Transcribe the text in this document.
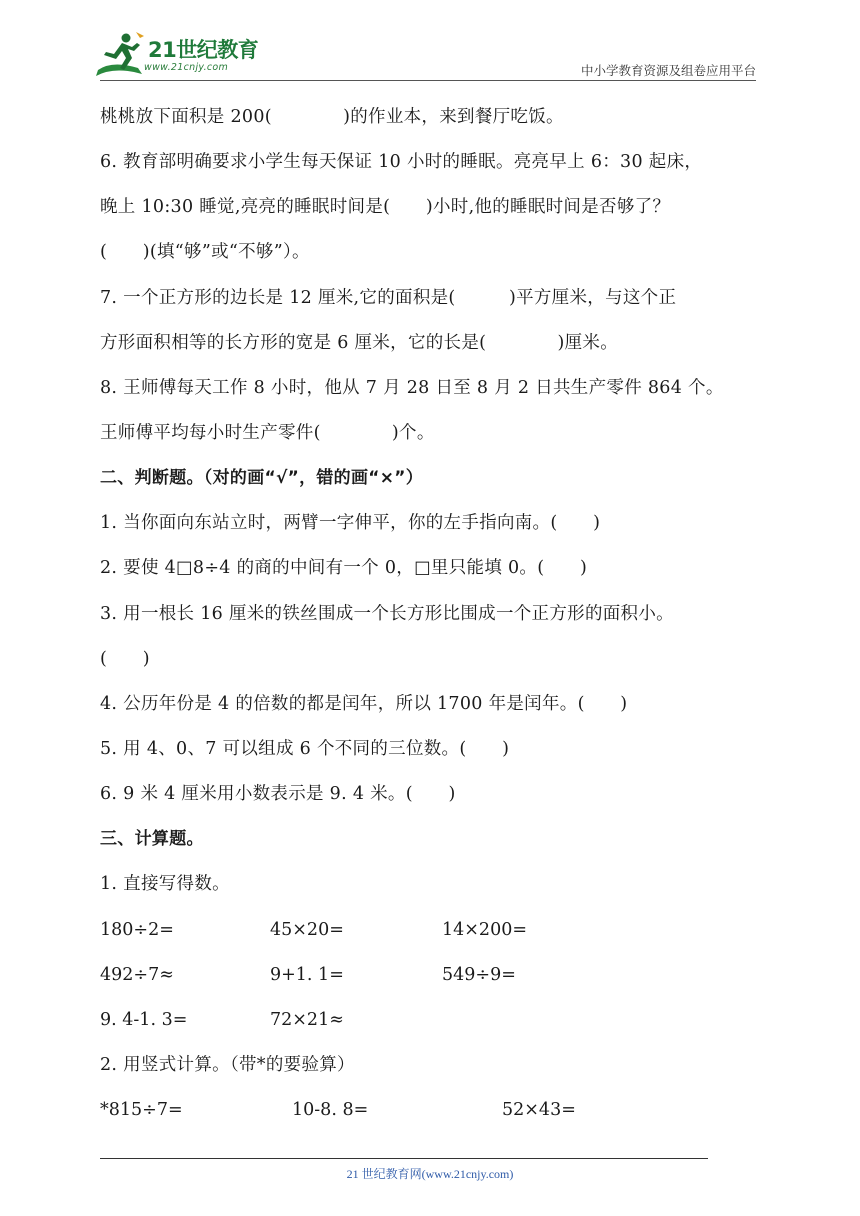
21世纪教育
www.21cnjy.com	中小学教育资源及组卷应用平台
桃桃放下面积是 200(　　　　)的作业本，来到餐厅吃饭。
6. 教育部明确要求小学生每天保证 10 小时的睡眠。亮亮早上 6：30 起床，
晚上 10:30 睡觉,亮亮的睡眠时间是(　　)小时,他的睡眠时间是否够了？
(　　)(填“够”或“不够”）。
7. 一个正方形的边长是 12 厘米,它的面积是(　　　)平方厘米，与这个正
方形面积相等的长方形的宽是 6 厘米，它的长是(　　　　)厘米。
8. 王师傅每天工作 8 小时，他从 7 月 28 日至 8 月 2 日共生产零件 864 个。
王师傅平均每小时生产零件(　　　　)个。
二、判断题。（对的画“√”，错的画“×”）
1. 当你面向东站立时，两臂一字伸平，你的左手指向南。(　　)
2. 要使 4□8÷4 的商的中间有一个 0，□里只能填 0。(　　)
3. 用一根长 16 厘米的铁丝围成一个长方形比围成一个正方形的面积小。
(　　)
4. 公历年份是 4 的倍数的都是闰年，所以 1700 年是闰年。(　　)
5. 用 4、0、7 可以组成 6 个不同的三位数。(　　)
6. 9 米 4 厘米用小数表示是 9. 4 米。(　　)
三、计算题。
1. 直接写得数。
180÷2=	45×20=	14×200=
492÷7≈	9+1. 1=	549÷9=
9. 4-1. 3=	72×21≈
2. 用竖式计算。（带*的要验算）
*815÷7=	10-8. 8=	52×43=
21 世纪教育网(www.21cnjy.com)
